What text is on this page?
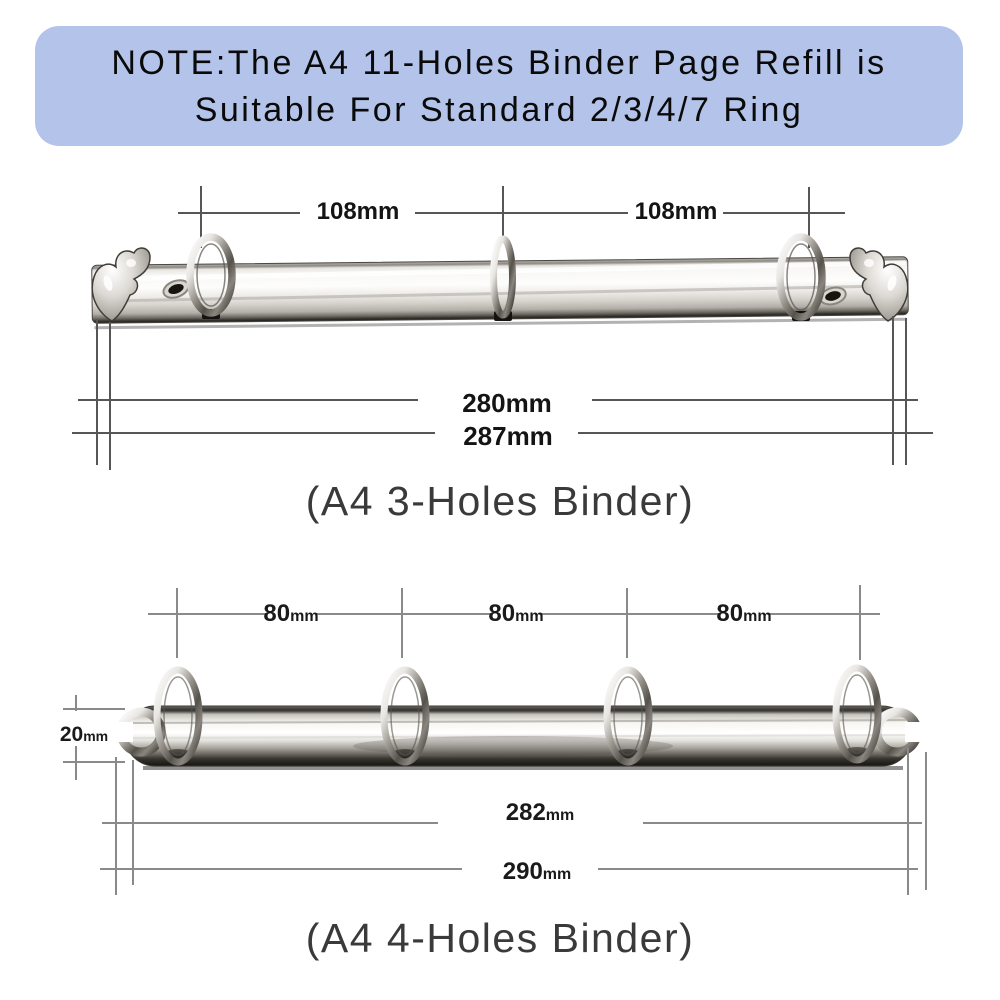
NOTE:The A4 11-Holes Binder Page Refill is
Suitable For Standard 2/3/4/7 Ring
108mm	108mm
280mm
287mm
(A4 3-Holes Binder)
80mm	80mm	80mm
20mm
282mm
290mm
(A4 4-Holes Binder)
